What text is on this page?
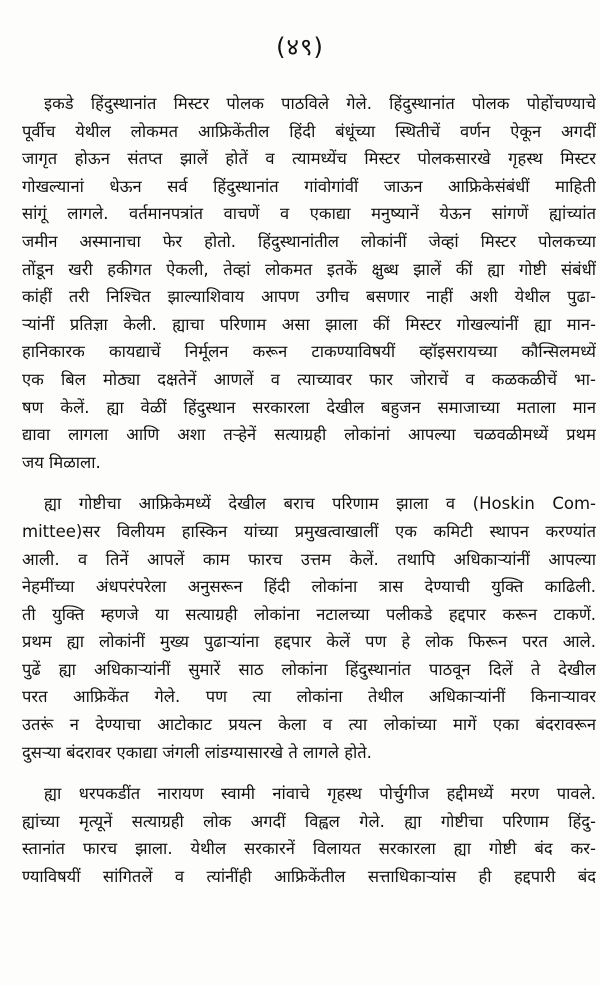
(४९)
इकडे हिंदुस्थानांत मिस्टर पोलक पाठविले गेले. हिंदुस्थानांत पोलक पोहोंचण्याचे
पूर्वीच येथील लोकमत आफ्रिकेंतील हिंदी बंधूंच्या स्थितीचें वर्णन ऐकून अगदीं
जागृत होऊन संतप्त झालें होतें व त्यामध्येंच मिस्टर पोलकसारखे गृहस्थ मिस्टर
गोखल्यानां धेऊन सर्व हिंदुस्थानांत गांवोगांवीं जाऊन आफ्रिकेसंबंधीं माहिती
सांगूं लागले. वर्तमानपत्रांत वाचणें व एकाद्या मनुष्यानें येऊन सांगणें ह्यांच्यांत
जमीन अस्मानाचा फेर होतो. हिंदुस्थानांतील लोकांनीं जेव्हां मिस्टर पोलकच्या
तोंडून खरी हकीगत ऐकली, तेव्हां लोकमत इतकें क्षुब्ध झालें कीं ह्या गोष्टी संबंधीं
कांहीं तरी निश्चित झाल्याशिवाय आपण उगीच बसणार नाहीं अशी येथील पुढा-
ऱ्यांनीं प्रतिज्ञा केली. ह्याचा परिणाम असा झाला कीं मिस्टर गोखल्यांनीं ह्या मान-
हानिकारक कायद्याचें निर्मूलन करून टाकण्याविषयीं व्हॉइसरायच्या कौन्सिलमध्यें
एक बिल मोठ्या दक्षतेनें आणलें व त्याच्यावर फार जोराचें व कळकळीचें भा-
षण केलें. ह्या वेळीं हिंदुस्थान सरकारला देखील बहुजन समाजाच्या मताला मान
द्यावा लागला आणि अशा तऱ्हेनें सत्याग्रही लोकांनां आपल्या चळवळीमध्यें प्रथम
जय मिळाला.
ह्या गोष्टीचा आफ्रिकेमध्यें देखील बराच परिणाम झाला व (Hoskin Com-
mittee)सर विलीयम हास्किन यांच्या प्रमुखत्वाखालीं एक कमिटी स्थापन करण्यांत
आली. व तिनें आपलें काम फारच उत्तम केलें. तथापि अधिकाऱ्यांनीं आपल्या
नेहमींच्या अंधपरंपरेला अनुसरून हिंदी लोकांना त्रास देण्याची युक्ति काढिली.
ती युक्ति म्हणजे या सत्याग्रही लोकांना नटालच्या पलीकडे हद्दपार करून टाकणें.
प्रथम ह्या लोकांनीं मुख्य पुढाऱ्यांना हद्दपार केलें पण हे लोक फिरून परत आले.
पुढें ह्या अधिकाऱ्यांनीं सुमारें साठ लोकांना हिंदुस्थानांत पाठवून दिलें ते देखील
परत आफ्रिकेंत गेले. पण त्या लोकांना तेथील अधिकाऱ्यांनीं किनाऱ्यावर
उतरूं न देण्याचा आटोकाट प्रयत्न केला व त्या लोकांच्या मागें एका बंदरावरून
दुसऱ्या बंदरावर एकाद्या जंगली लांडग्यासारखे ते लागले होते.
ह्या धरपकडींत नारायण स्वामी नांवाचे गृहस्थ पोर्चुगीज हद्दीमध्यें मरण पावले.
ह्यांच्या मृत्यूनें सत्याग्रही लोक अगदीं विह्वल गेले. ह्या गोष्टीचा परिणाम हिंदु-
स्तानांत फारच झाला. येथील सरकारनें विलायत सरकारला ह्या गोष्टी बंद कर-
ण्याविषयीं सांगितलें व त्यांनींही आफ्रिकेंतील सत्ताधिकाऱ्यांस ही हद्दपारी बंद
